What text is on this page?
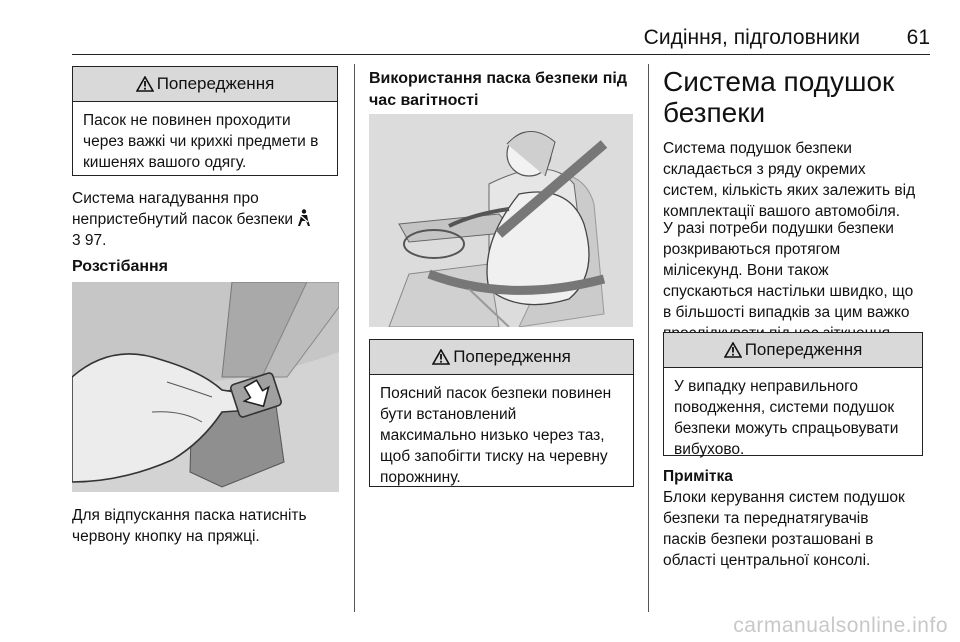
Сидіння, підголовники 61
Попередження
Пасок не повинен проходити
через важкі чи крихкі предмети в
кишенях вашого одягу.
Система нагадування про
непристебнутий пасок безпеки
3 97.
Розстібання
Для відпускання паска натисніть
червону кнопку на пряжці.
Використання паска безпеки під
час вагітності
Попередження
Поясний пасок безпеки повинен
бути встановлений
максимально низько через таз,
щоб запобігти тиску на черевну
порожнину.
Система подушок
безпеки
Система подушок безпеки
складається з ряду окремих
систем, кількість яких залежить від
комплектації вашого автомобіля.
У разі потреби подушки безпеки
розкриваються протягом
мілісекунд. Вони також
спускаються настільки швидко, що
в більшості випадків за цим важко
Попередження
У випадку неправильного
поводження, системи подушок
безпеки можуть спрацьовувати
вибухово.
Примітка
Блоки керування систем подушок
безпеки та переднатягувачів
пасків безпеки розташовані в
області центральної консолі.
carmanualsonline.info
